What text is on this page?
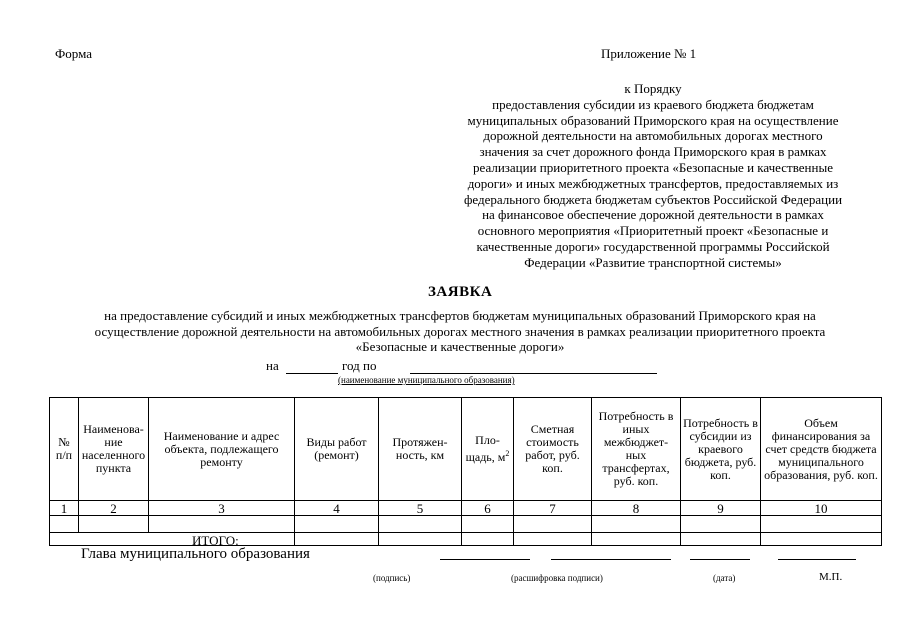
Форма	Приложение № 1
к Порядку
предоставления субсидии из краевого бюджета бюджетам
муниципальных образований Приморского края на осуществление
дорожной деятельности на автомобильных дорогах местного
значения за счет дорожного фонда Приморского края в рамках
реализации приоритетного проекта «Безопасные и качественные
дороги» и иных межбюджетных трансфертов, предоставляемых из
федерального бюджета бюджетам субъектов Российской Федерации
на финансовое обеспечение дорожной деятельности в рамках
основного мероприятия «Приоритетный проект «Безопасные и
качественные дороги» государственной программы Российской
Федерации «Развитие транспортной системы»
ЗАЯВКА
на предоставление субсидий и иных межбюджетных трансфертов бюджетам муниципальных образований Приморского края на
осуществление дорожной деятельности на автомобильных дорогах местного значения в рамках реализации приоритетного проекта
«Безопасные и качественные дороги»
на	год по
(наименование муниципального образования)
№ п/п	Наименова-ние населенного пункта	Наименование и адрес объекта, подлежащего ремонту	Виды работ (ремонт)	Протяжен-ность, км	Пло-щадь, $м^2$	Сметная стоимость работ, руб. коп.	Потребность в иных межбюджет-ных трансфертах, руб. коп.	Потребность в субсидии из краевого бюджета, руб. коп.	Объем финансирования за счет средств бюджета муниципального образования, руб. коп.
1	2	3	4	5	6	7	8	9	10

ИТОГО:
Глава муниципального образования
(подпись)	(расшифровка подписи)	(дата)	М.П.
